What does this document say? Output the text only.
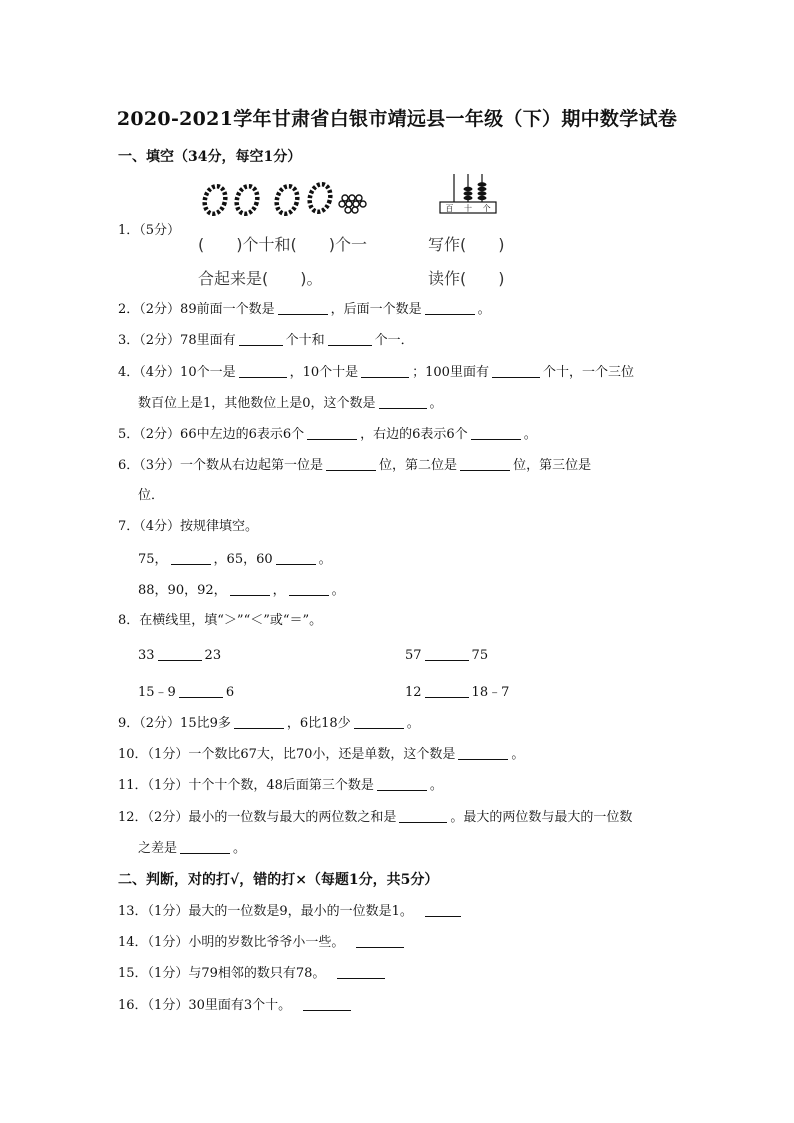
2020-2021学年甘肃省白银市靖远县一年级（下）期中数学试卷
一、填空（34分，每空1分）
1．（5分）
(　　)个十和(　　)个一
合起来是(　　)。
百 十 个
写作(　　)
读作(　　)
2．（2分）89前面一个数是	，后面一个数是	。
3．（2分）78里面有	个十和	个一．
4．（4分）10个一是	，10个十是	；100里面有	个十，一个三位
数百位上是1，其他数位上是0，这个数是	。
5．（2分）66中左边的6表示6个	，右边的6表示6个	。
6．（3分）一个数从右边起第一位是	位，第二位是	位，第三位是
位．
7．（4分）按规律填空。
75，	，65，60	。
88，90，92，	，	。
8．在横线里，填“＞”“＜”或“＝”。
33	23	57	75
15﹣9	6	12	18﹣7
9．（2分）15比9多	，6比18少	。
10．（1分）一个数比67大，比70小，还是单数，这个数是	。
11．（1分）十个十个数，48后面第三个数是	。
12．（2分）最小的一位数与最大的两位数之和是	。最大的两位数与最大的一位数
之差是	。
二、判断，对的打√，错的打×（每题1分，共5分）
13．（1分）最大的一位数是9，最小的一位数是1。
14．（1分）小明的岁数比爷爷小一些。
15．（1分）与79相邻的数只有78。
16．（1分）30里面有3个十。
